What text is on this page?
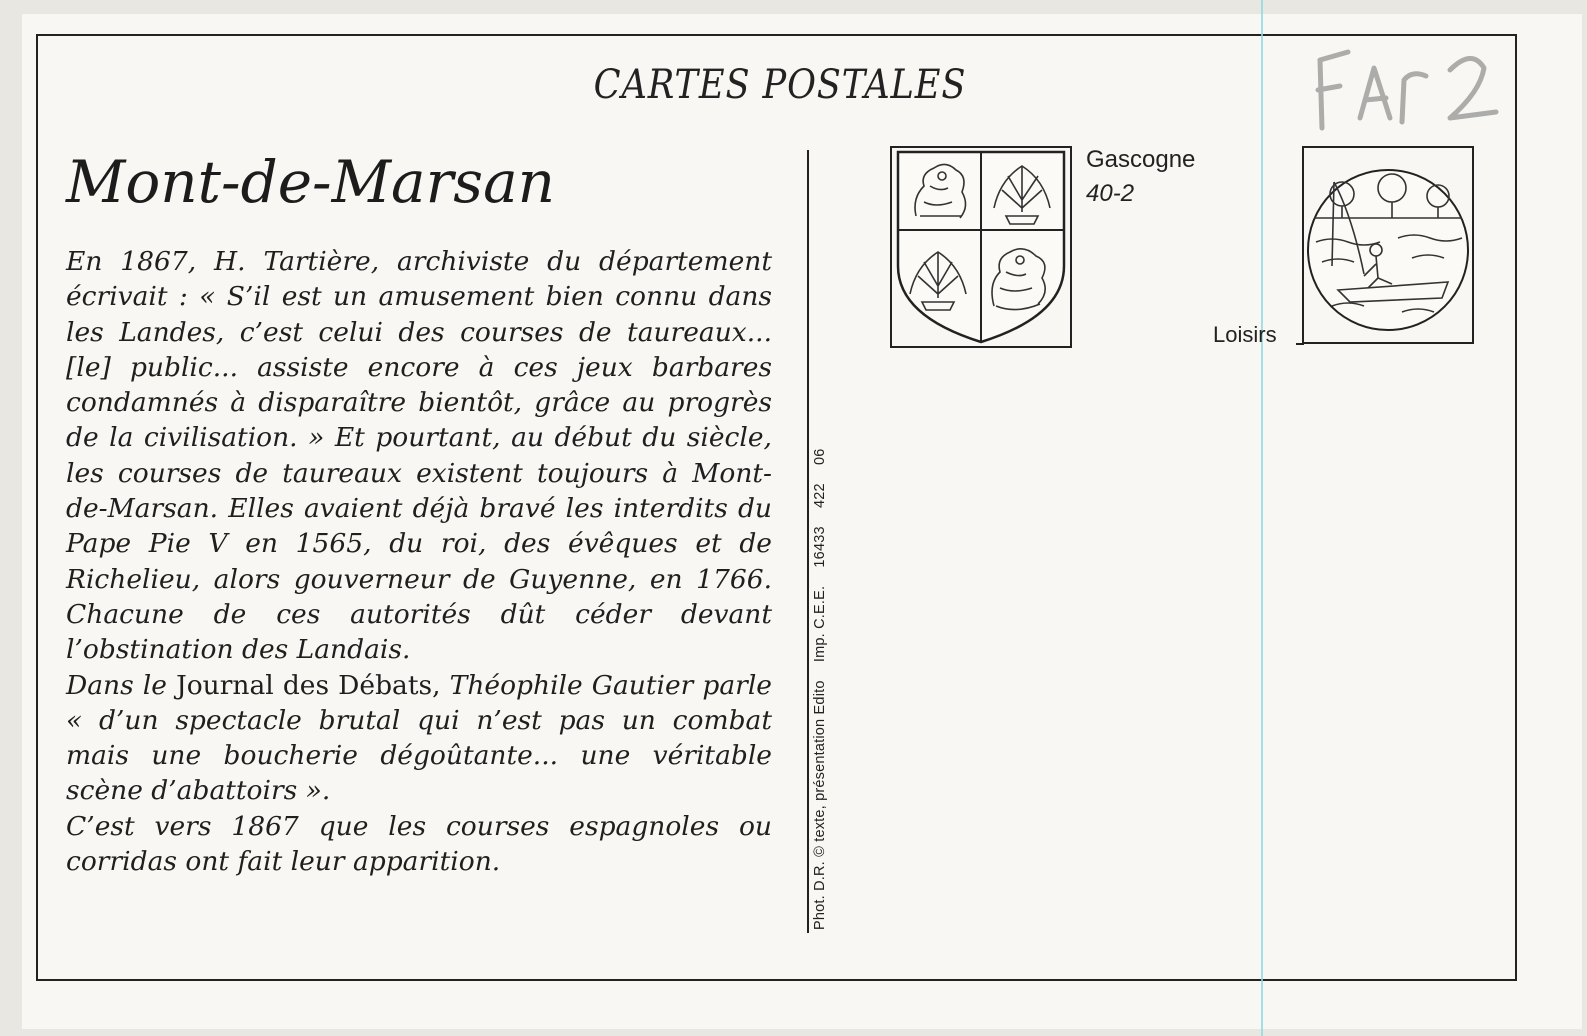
CARTES POSTALES
Mont-de-Marsan

En 1867, H. Tartière, archiviste du département écrivait : « S’il est un amusement bien connu dans les Landes, c’est celui des courses de taureaux... [le] public... assiste encore à ces jeux barbares condamnés à disparaître bientôt, grâce au progrès de la civilisation. » Et pourtant, au début du siècle, les courses de taureaux existent toujours à Mont-de-Marsan. Elles avaient déjà bravé les interdits du Pape Pie V en 1565, du roi, des évêques et de Richelieu, alors gouverneur de Guyenne, en 1766. Chacune de ces autorités dût céder devant l’obstination des Landais.

Dans le Journal des Débats, Théophile Gautier parle « d’un spectacle brutal qui n’est pas un combat mais une boucherie dégoûtante... une véritable scène d’abattoirs ».

C’est vers 1867 que les courses espagnoles ou corridas ont fait leur apparition.	Phot. D.R. © texte, présentation Edito Imp. C.E.E. 16433 422 06
Gascogne
40-2
Loisirs
